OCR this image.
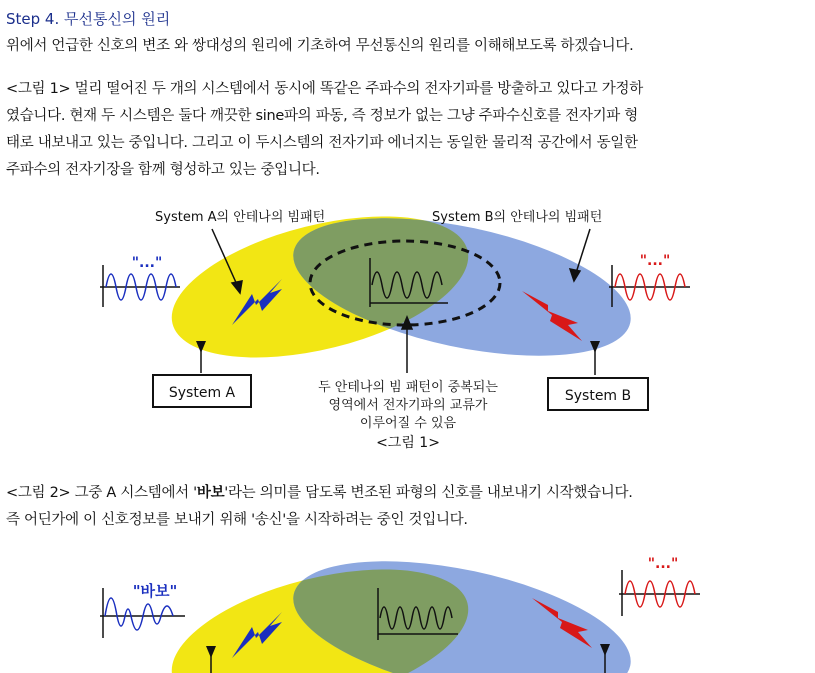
Step 4. 무선통신의 원리
위에서 언급한 신호의 변조 와 쌍대성의 원리에 기초하여 무선통신의 원리를 이해해보도록 하겠습니다.
<그림 1> 멀리 떨어진 두 개의 시스템에서 동시에 똑같은 주파수의 전자기파를 방출하고 있다고 가정하
였습니다. 현재 두 시스템은 둘다 깨끗한 sine파의 파동, 즉 정보가 없는 그냥 주파수신호를 전자기파 형
태로 내보내고 있는 중입니다. 그리고 이 두시스템의 전자기파 에너지는 동일한 물리적 공간에서 동일한
주파수의 전자기장을 함께 형성하고 있는 중입니다.
System A	System B
System A의 안테나의 빔패턴	System B의 안테나의 빔패턴
"..."	"..."
두 안테나의 빔 패턴이 중복되는
영역에서 전자기파의 교류가
이루어질 수 있음
<그림 1>
<그림 2> 그중 A 시스템에서 '바보'라는 의미를 담도록 변조된 파형의 신호를 내보내기 시작했습니다.
즉 어딘가에 이 신호정보를 보내기 위해 '송신'을 시작하려는 중인 것입니다.
"바보"
"..."
